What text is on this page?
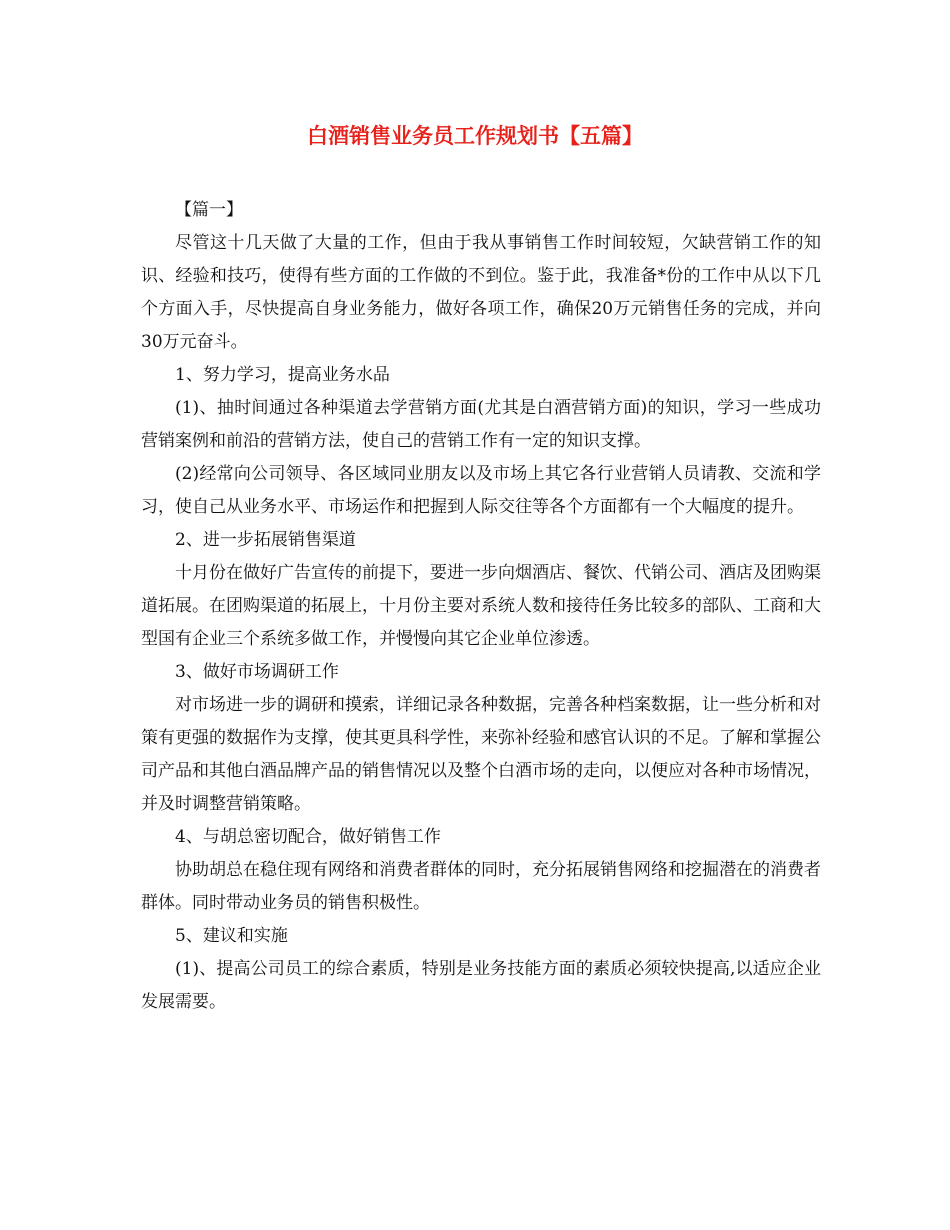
白酒销售业务员工作规划书【五篇】

【篇一】

尽管这十几天做了大量的工作，但由于我从事销售工作时间较短，欠缺营销工作的知识、经验和技巧，使得有些方面的工作做的不到位。鉴于此，我准备*份的工作中从以下几个方面入手，尽快提高自身业务能力，做好各项工作，确保20万元销售任务的完成，并向30万元奋斗。

1、努力学习，提高业务水品

(1)、抽时间通过各种渠道去学营销方面(尤其是白酒营销方面)的知识，学习一些成功营销案例和前沿的营销方法，使自己的营销工作有一定的知识支撑。

(2)经常向公司领导、各区域同业朋友以及市场上其它各行业营销人员请教、交流和学习，使自己从业务水平、市场运作和把握到人际交往等各个方面都有一个大幅度的提升。

2、进一步拓展销售渠道

十月份在做好广告宣传的前提下，要进一步向烟酒店、餐饮、代销公司、酒店及团购渠道拓展。在团购渠道的拓展上，十月份主要对系统人数和接待任务比较多的部队、工商和大型国有企业三个系统多做工作，并慢慢向其它企业单位渗透。

3、做好市场调研工作

对市场进一步的调研和摸索，详细记录各种数据，完善各种档案数据，让一些分析和对策有更强的数据作为支撑，使其更具科学性，来弥补经验和感官认识的不足。了解和掌握公司产品和其他白酒品牌产品的销售情况以及整个白酒市场的走向，以便应对各种市场情况，并及时调整营销策略。

4、与胡总密切配合，做好销售工作

协助胡总在稳住现有网络和消费者群体的同时，充分拓展销售网络和挖掘潜在的消费者群体。同时带动业务员的销售积极性。

5、建议和实施

(1)、提高公司员工的综合素质，特别是业务技能方面的素质必须较快提高,以适应企业发展需要。
